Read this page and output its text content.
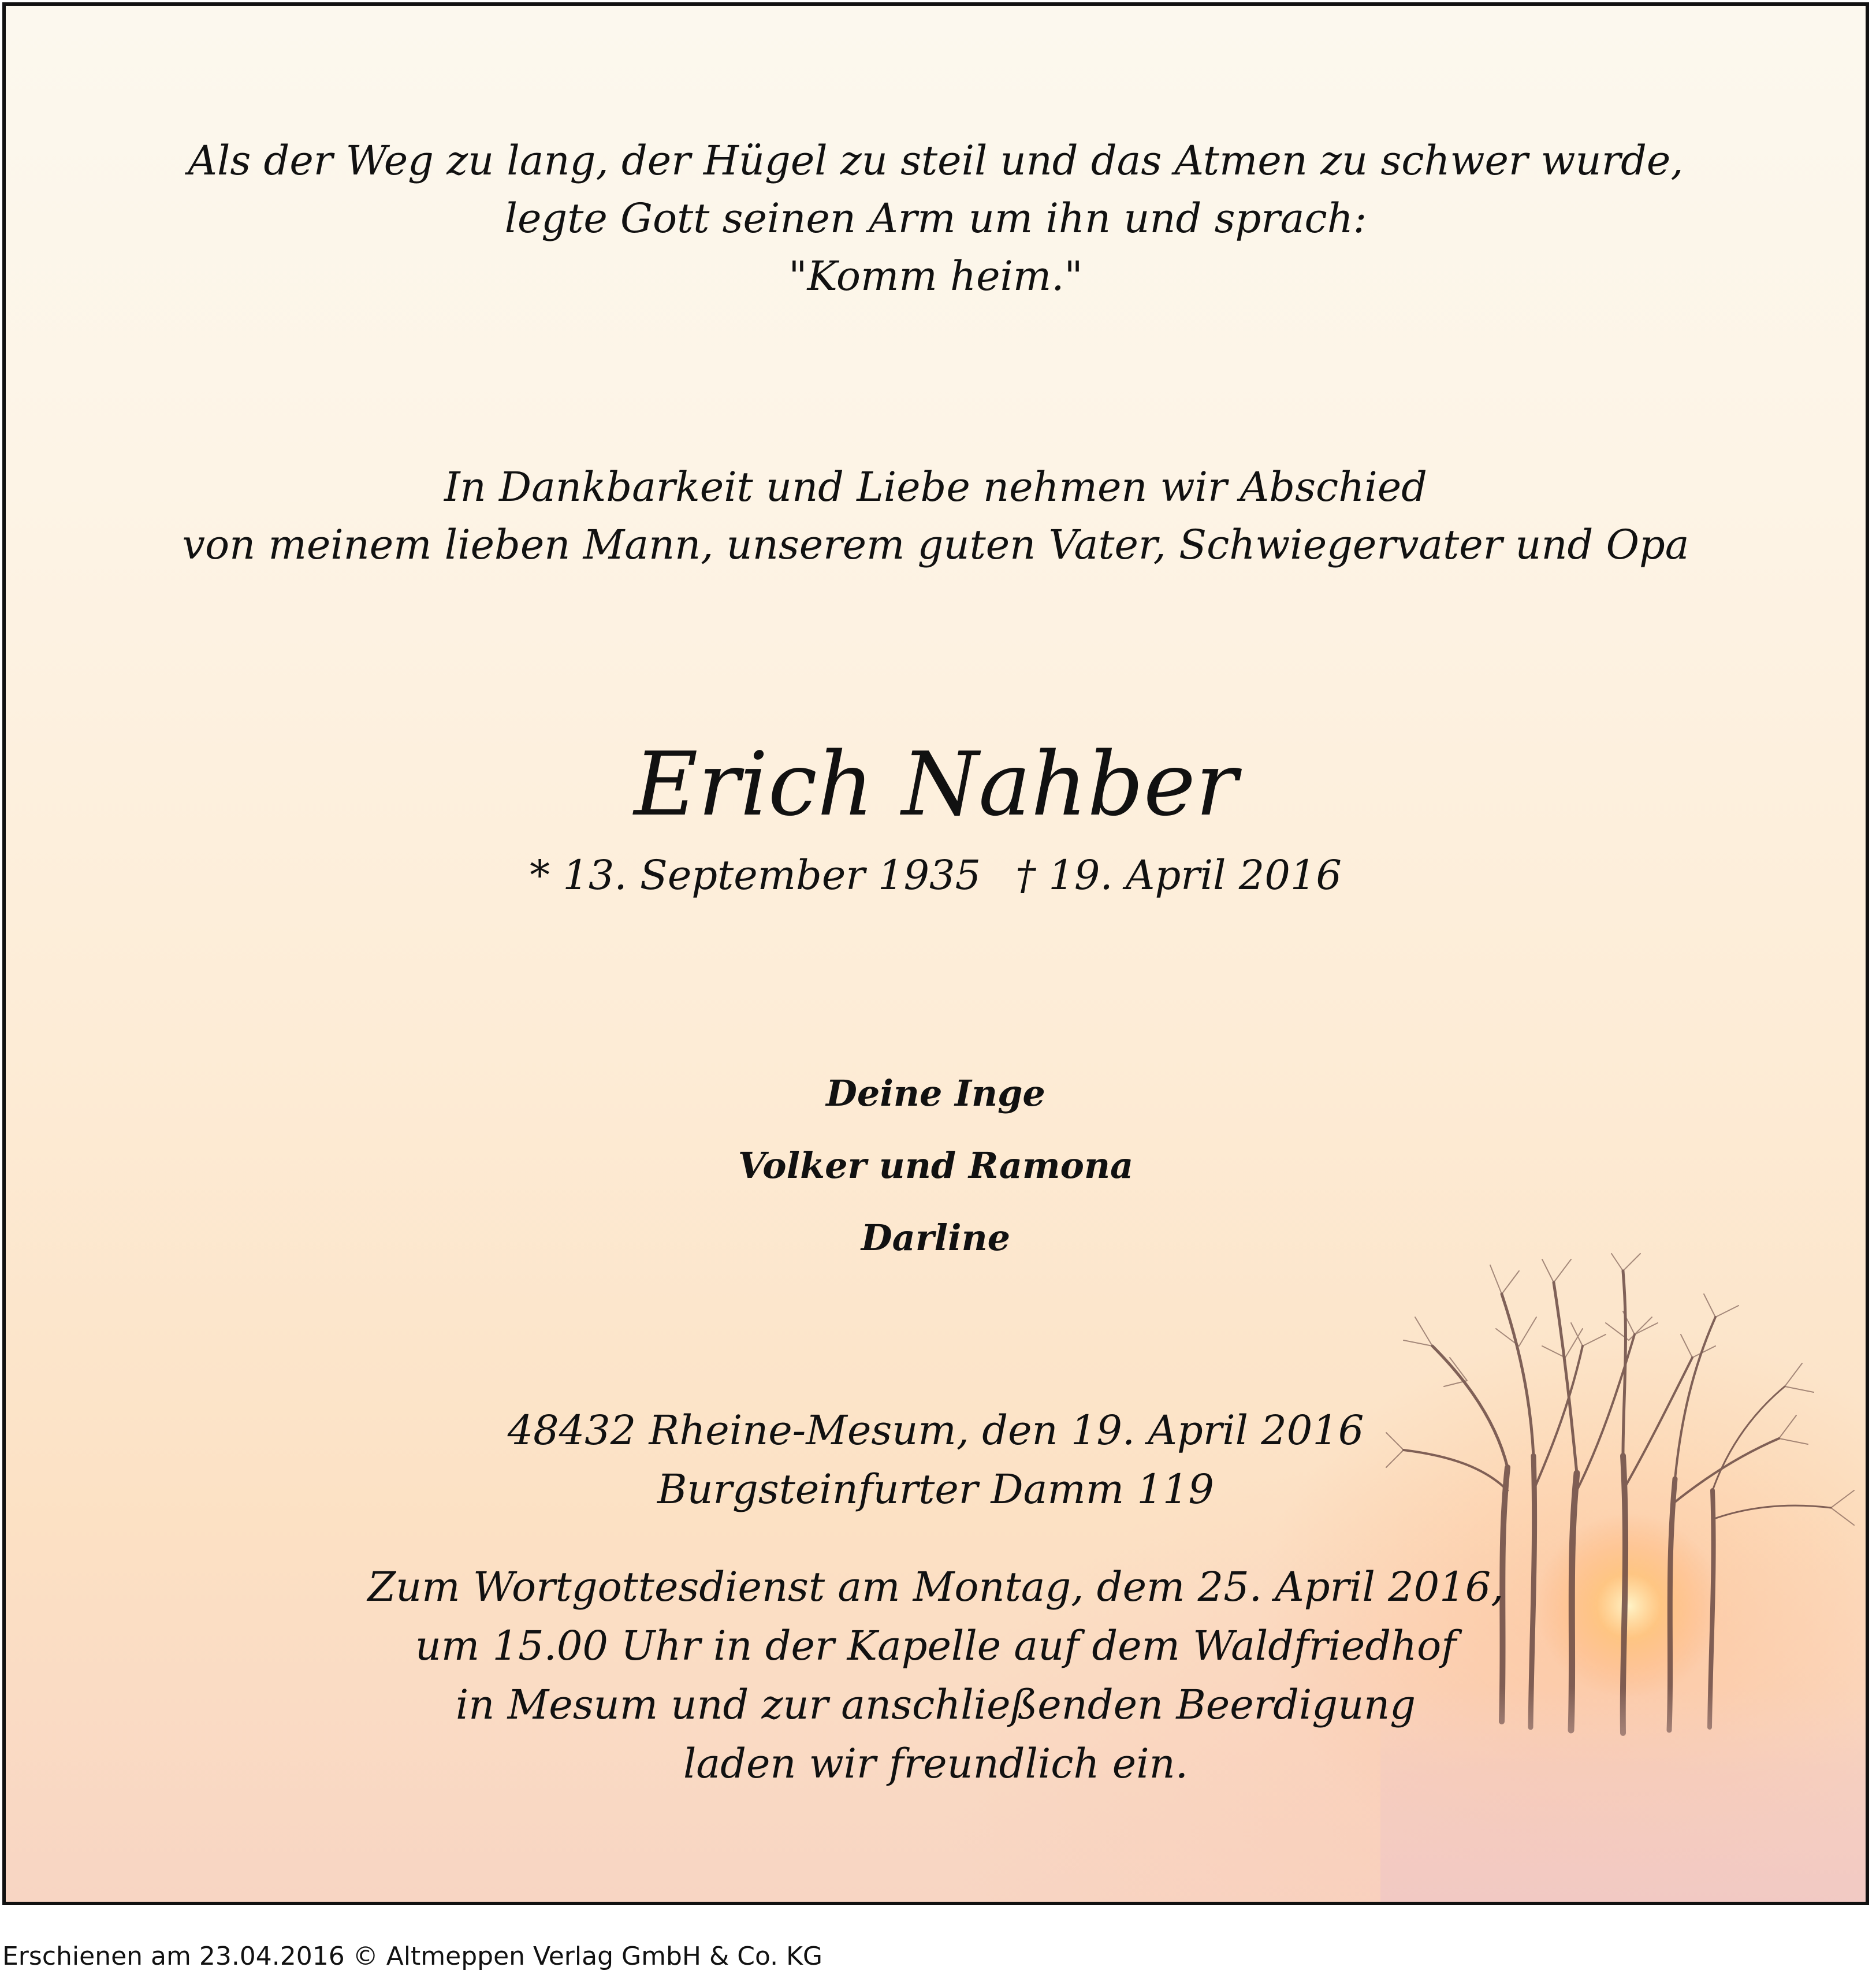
Als der Weg zu lang, der Hügel zu steil und das Atmen zu schwer wurde,
legte Gott seinen Arm um ihn und sprach:
"Komm heim."
In Dankbarkeit und Liebe nehmen wir Abschied
von meinem lieben Mann, unserem guten Vater, Schwiegervater und Opa
Erich Nahber
* 13. September 1935 † 19. April 2016
Deine Inge
Volker und Ramona
Darline
48432 Rheine-Mesum, den 19. April 2016
Burgsteinfurter Damm 119
Zum Wortgottesdienst am Montag, dem 25. April 2016,
um 15.00 Uhr in der Kapelle auf dem Waldfriedhof
in Mesum und zur anschließenden Beerdigung
laden wir freundlich ein.
Erschienen am 23.04.2016 © Altmeppen Verlag GmbH & Co. KG
